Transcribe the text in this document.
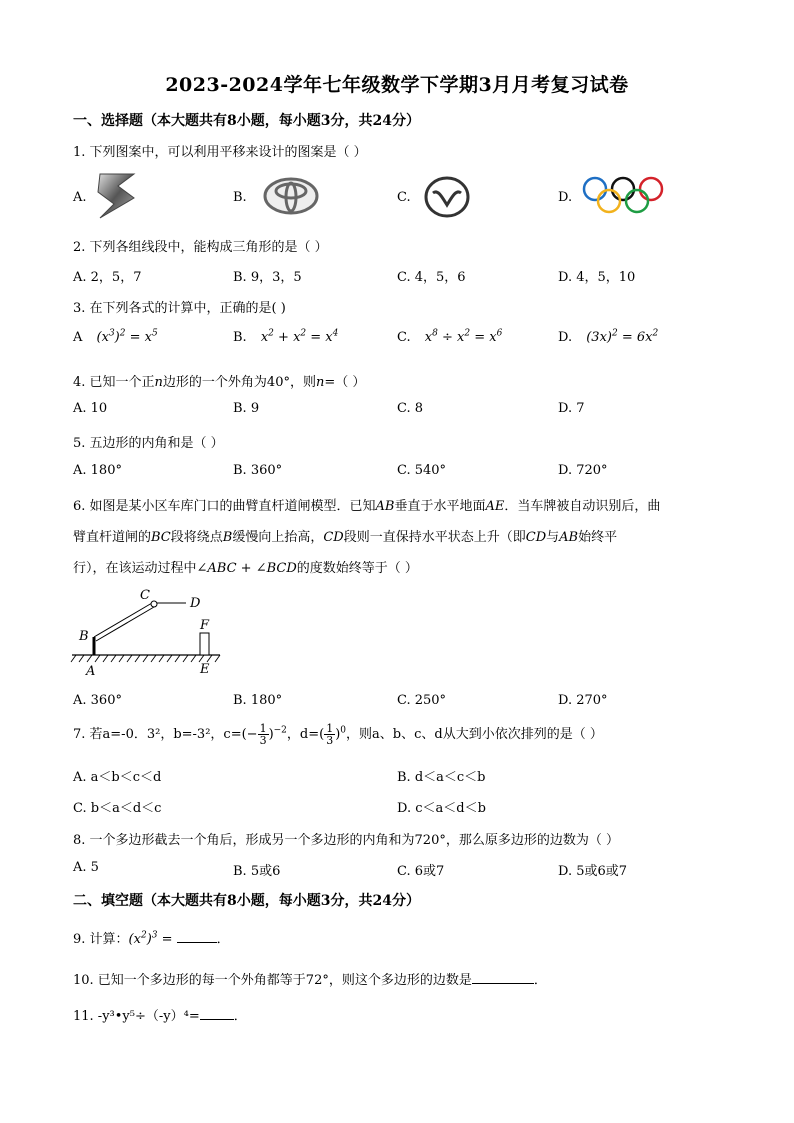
2023-2024学年七年级数学下学期3月月考复习试卷
一、选择题（本大题共有8小题，每小题3分，共24分）
1. 下列图案中，可以利用平移来设计的图案是（ ）
A.	B.	C.	D.
2. 下列各组线段中，能构成三角形的是（ ）
A. 2，5，7	B. 9，3，5	C. 4，5，6	D. 4，5，10
3. 在下列各式的计算中，正确的是( )
A $(x^3)^2 = x^5$	B. $x^2 + x^2 = x^4$	C. $x^8 \div x^2 = x^6$	D. $(3x)^2 = 6x^2$
4. 已知一个正n边形的一个外角为40°，则n=（ ）
A. 10	B. 9	C. 8	D. 7
5. 五边形的内角和是（ ）
A. 180°	B. 360°	C. 540°	D. 720°
6. 如图是某小区车库门口的曲臂直杆道闸模型．已知AB垂直于水平地面AE．当车牌被自动识别后，曲
臂直杆道闸的BC段将绕点B缓慢向上抬高，CD段则一直保持水平状态上升（即CD与AB始终平
行），在该运动过程中∠ABC + ∠BCD的度数始终等于（ ）
B
A
C
D
F
E
A. 360°	B. 180°	C. 250°	D. 270°
7. 若a=-0．3²，b=-3²，$c=(- \frac{1}{3} )^{-2}$，$d=( \frac{1}{3} )^0$，则a、b、c、d从大到小依次排列的是（ ）
A. a＜b＜c＜d	B. d＜a＜c＜b
C. b＜a＜d＜c	D. c＜a＜d＜b
8. 一个多边形截去一个角后，形成另一个多边形的内角和为720°，那么原多边形的边数为（ ）
A. 5	B. 5或6	C. 6或7	D. 5或6或7
二、填空题（本大题共有8小题，每小题3分，共24分）
9. 计算：$(x^2)^3$ =	．
10. 已知一个多边形的每一个外角都等于72°，则这个多边形的边数是	．
11. -y³•y⁵÷（-y）⁴=	．
